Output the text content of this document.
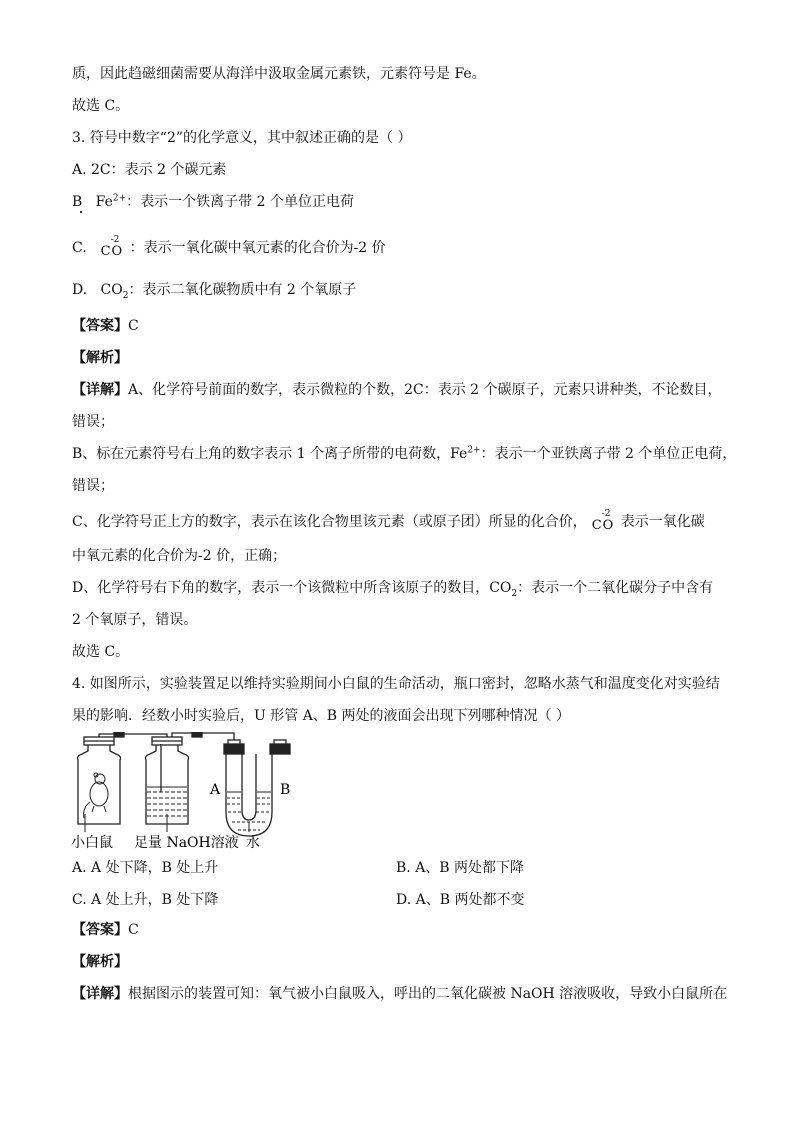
质，因此趋磁细菌需要从海洋中汲取金属元素铁，元素符号是 Fe。
故选 C。
3. 符号中数字“2”的化学意义，其中叙述正确的是（ ）
A. 2C：表示 2 个碳元素
B $Fe^{2+}$：表示一个铁离子带 2 个单位正电荷
C.	-2
CO ：表示一氧化碳中氧元素的化合价为-2 价
D. $CO_2$：表示二氧化碳物质中有 2 个氧原子
【答案】C
【解析】
【详解】A、化学符号前面的数字，表示微粒的个数，2C：表示 2 个碳原子，元素只讲种类，不论数目，
错误；
B、标在元素符号右上角的数字表示 1 个离子所带的电荷数，$Fe^{2+}$：表示一个亚铁离子带 2 个单位正电荷，
错误；
C、化学符号正上方的数字，表示在该化合物里该元素（或原子团）所显的化合价， -2
CO 表示一氧化碳
中氧元素的化合价为-2 价，正确；
D、化学符号右下角的数字，表示一个该微粒中所含该原子的数目，$CO_2$：表示一个二氧化碳分子中含有
2 个氧原子，错误。
故选 C。
4. 如图所示，实验装置足以维持实验期间小白鼠的生命活动，瓶口密封，忽略水蒸气和温度变化对实验结
果的影响．经数小时实验后，U 形管 A、B 两处的液面会出现下列哪种情况（ ）
A	B
小白鼠 足量 NaOH溶液 水
A. A 处下降，B 处上升	B. A、B 两处都下降
C. A 处上升，B 处下降	D. A、B 两处都不变
【答案】C
【解析】
【详解】根据图示的装置可知：氧气被小白鼠吸入，呼出的二氧化碳被 NaOH 溶液吸收，导致小白鼠所在
